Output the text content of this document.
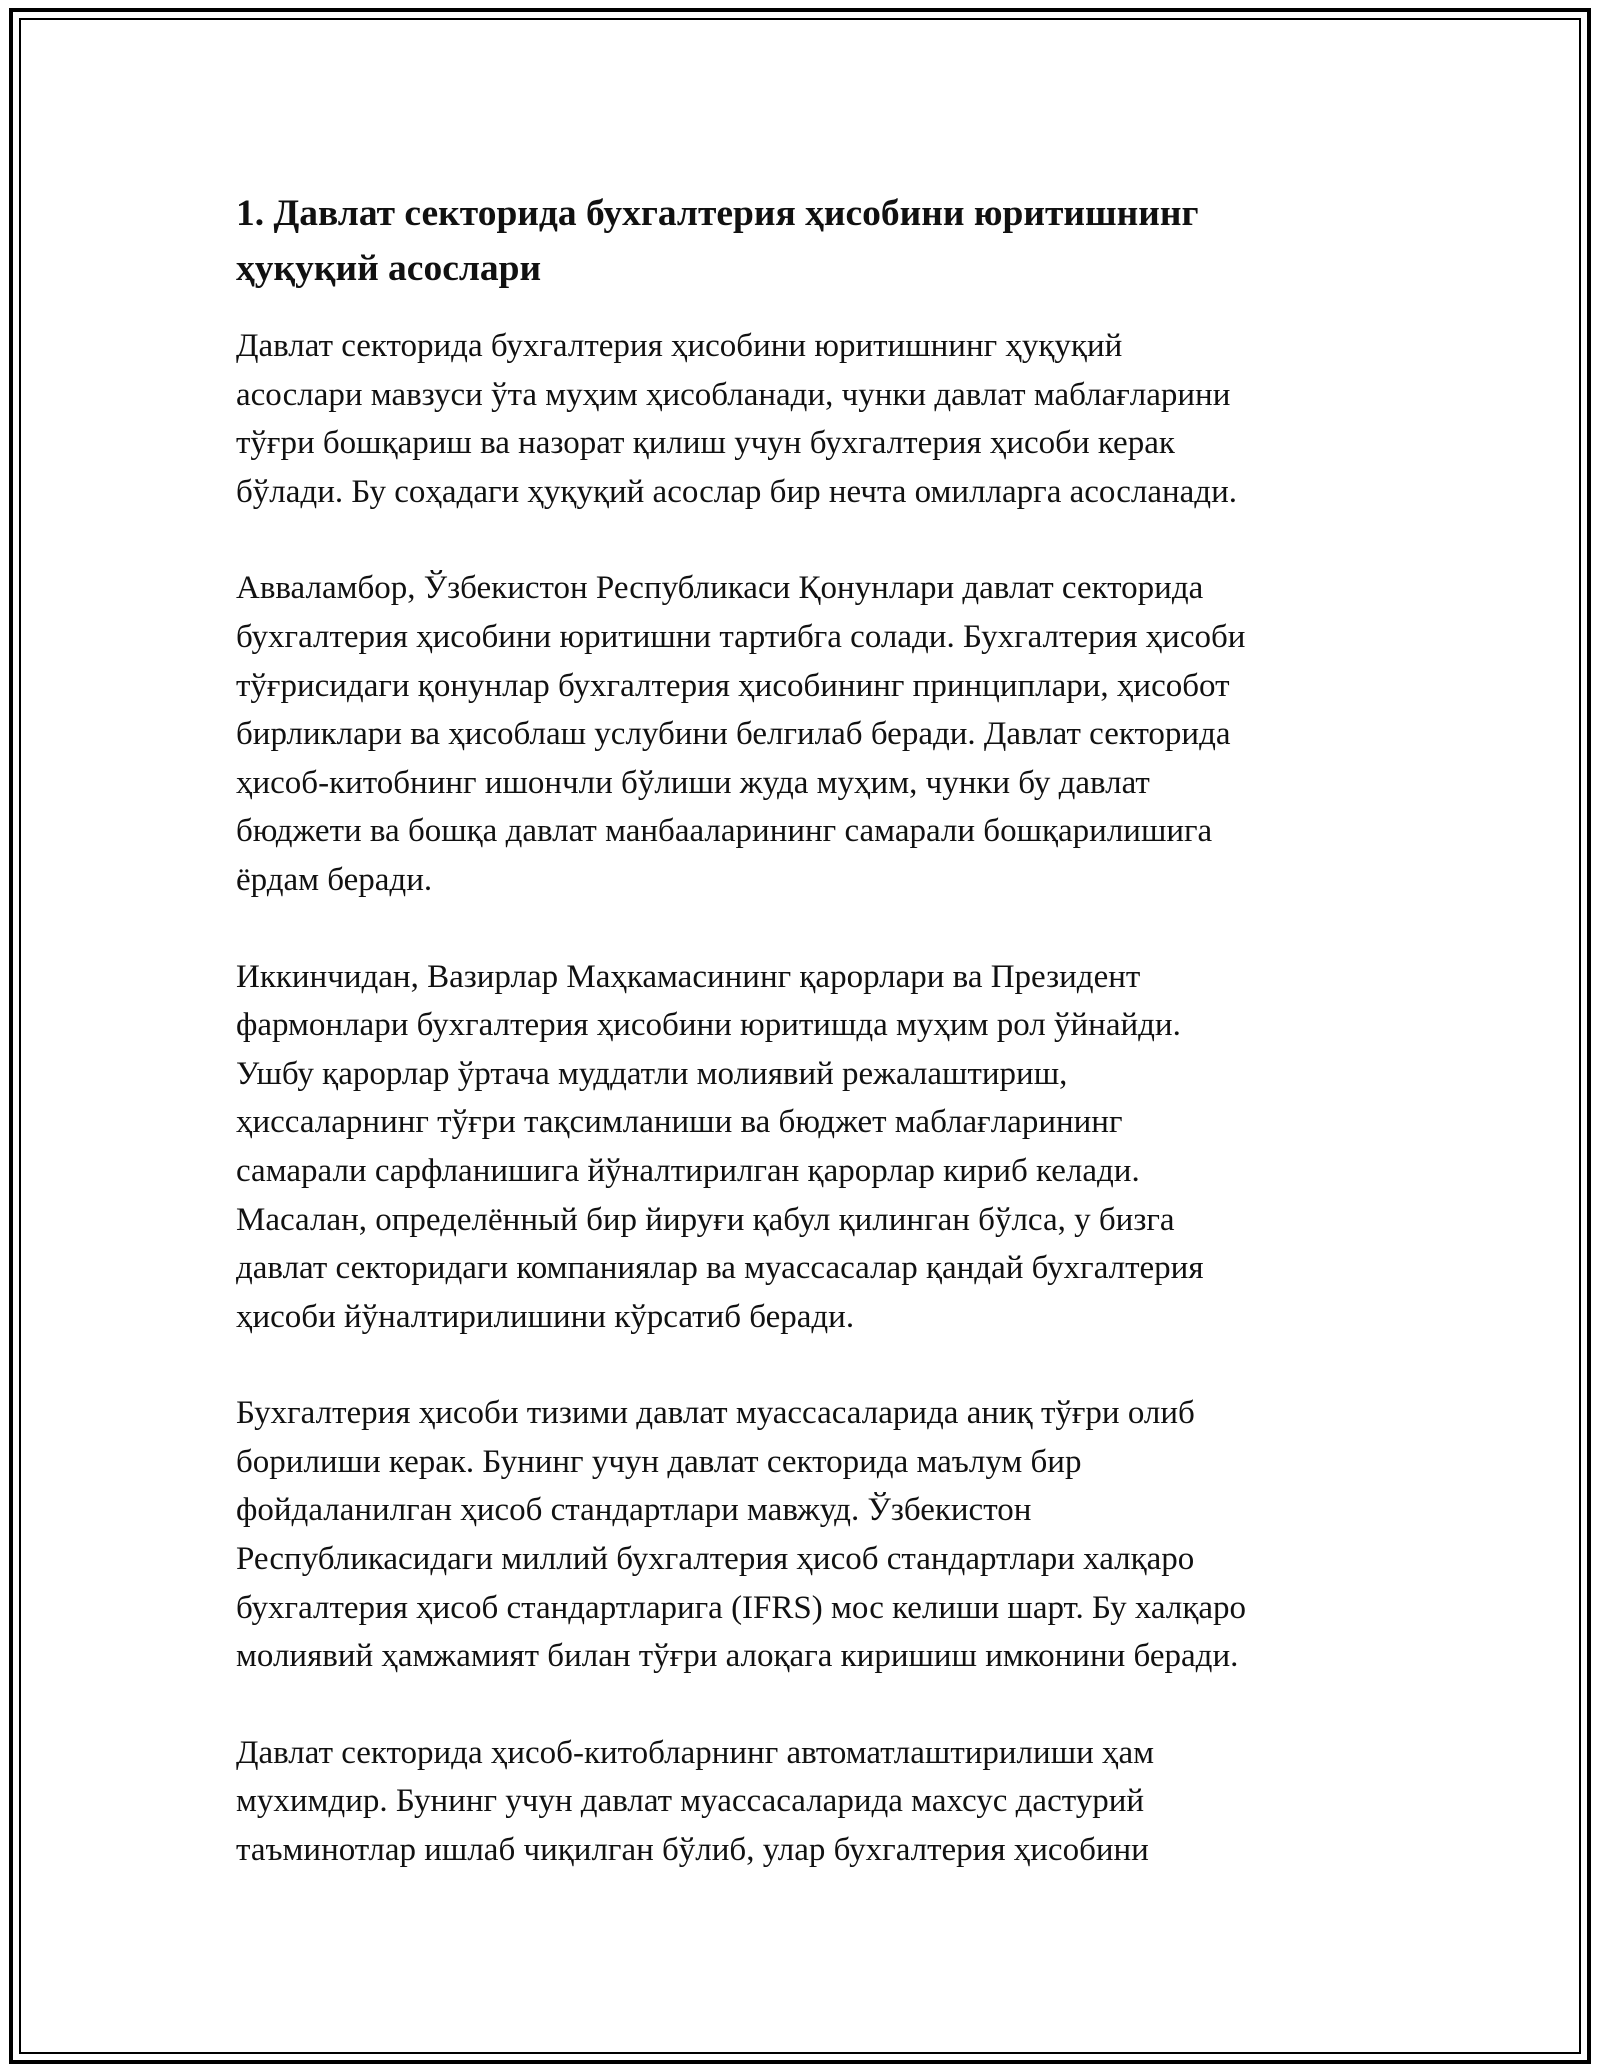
1. Давлат секторида бухгалтерия ҳисобини юритишнинг
ҳуқуқий асослари

Давлат секторида бухгалтерия ҳисобини юритишнинг ҳуқуқий
асослари мавзуси ўта муҳим ҳисобланади, чунки давлат маблағларини
тўғри бошқариш ва назорат қилиш учун бухгалтерия ҳисоби керак
бўлади. Бу соҳадаги ҳуқуқий асослар бир нечта омилларга асосланади.

Авваламбор, Ўзбекистон Республикаси Қонунлари давлат секторида
бухгалтерия ҳисобини юритишни тартибга солади. Бухгалтерия ҳисоби
тўғрисидаги қонунлар бухгалтерия ҳисобининг принциплари, ҳисобот
бирликлари ва ҳисоблаш услубини белгилаб беради. Давлат секторида
ҳисоб-китобнинг ишончли бўлиши жуда муҳим, чунки бу давлат
бюджети ва бошқа давлат манбааларининг самарали бошқарилишига
ёрдам беради.

Иккинчидан, Вазирлар Маҳкамасининг қарорлари ва Президент
фармонлари бухгалтерия ҳисобини юритишда муҳим рол ўйнайди.
Ушбу қарорлар ўртача муддатли молиявий режалаштириш,
ҳиссаларнинг тўғри тақсимланиши ва бюджет маблағларининг
самарали сарфланишига йўналтирилган қарорлар кириб келади.
Масалан, определённый бир йируғи қабул қилинган бўлса, у бизга
давлат секторидаги компаниялар ва муассасалар қандай бухгалтерия
ҳисоби йўналтирилишини кўрсатиб беради.

Бухгалтерия ҳисоби тизими давлат муассасаларида аниқ тўғри олиб
борилиши керак. Бунинг учун давлат секторида маълум бир
фойдаланилган ҳисоб стандартлари мавжуд. Ўзбекистон
Республикасидаги миллий бухгалтерия ҳисоб стандартлари халқаро
бухгалтерия ҳисоб стандартларига (IFRS) мос келиши шарт. Бу халқаро
молиявий ҳамжамият билан тўғри алоқага киришиш имконини беради.

Давлат секторида ҳисоб-китобларнинг автоматлаштирилиши ҳам
мухимдир. Бунинг учун давлат муассасаларида махсус дастурий
таъминотлар ишлаб чиқилган бўлиб, улар бухгалтерия ҳисобини
